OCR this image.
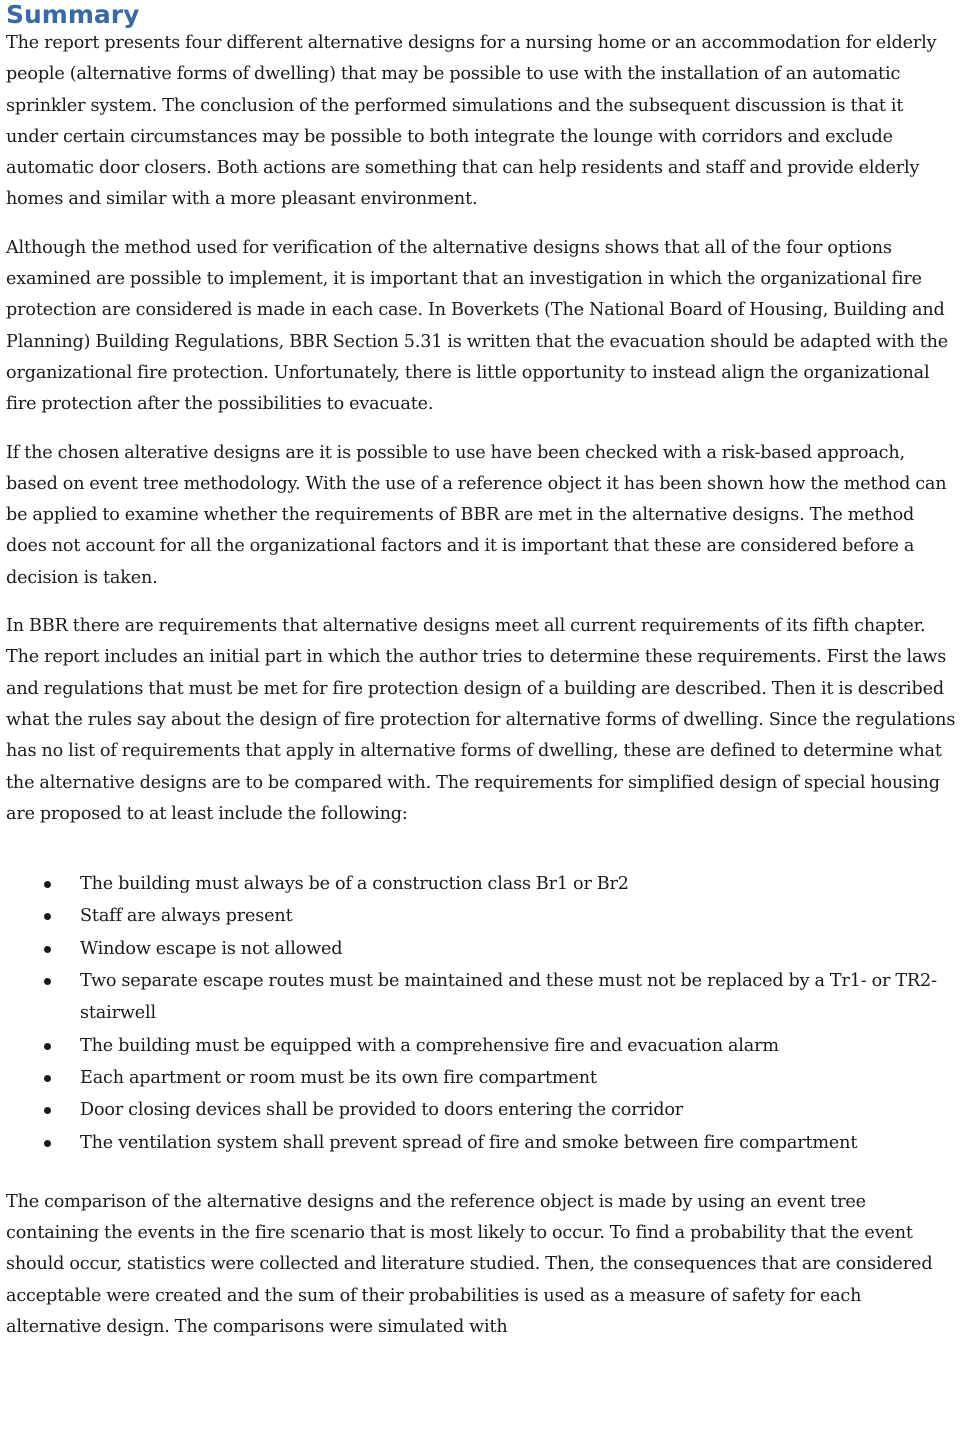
Summary

The report presents four different alternative designs for a nursing home or an accommodation for elderly people (alternative forms of dwelling) that may be possible to use with the installation of an automatic sprinkler system. The conclusion of the performed simulations and the subsequent discussion is that it under certain circumstances may be possible to both integrate the lounge with corridors and exclude automatic door closers. Both actions are something that can help residents and staff and provide elderly homes and similar with a more pleasant environment.

Although the method used for verification of the alternative designs shows that all of the four options examined are possible to implement, it is important that an investigation in which the organizational fire protection are considered is made in each case. In Boverkets (The National Board of Housing, Building and Planning) Building Regulations, BBR Section 5.31 is written that the evacuation should be adapted with the organizational fire protection. Unfortunately, there is little opportunity to instead align the organizational fire protection after the possibilities to evacuate.

If the chosen alterative designs are it is possible to use have been checked with a risk-based approach, based on event tree methodology. With the use of a reference object it has been shown how the method can be applied to examine whether the requirements of BBR are met in the alternative designs. The method does not account for all the organizational factors and it is important that these are considered before a decision is taken.

In BBR there are requirements that alternative designs meet all current requirements of its fifth chapter. The report includes an initial part in which the author tries to determine these requirements. First the laws and regulations that must be met for fire protection design of a building are described. Then it is described what the rules say about the design of fire protection for alternative forms of dwelling. Since the regulations has no list of requirements that apply in alternative forms of dwelling, these are defined to determine what the alternative designs are to be compared with. The requirements for simplified design of special housing are proposed to at least include the following:

The building must always be of a construction class Br1 or Br2
Staff are always present
Window escape is not allowed
Two separate escape routes must be maintained and these must not be replaced by a Tr1- or TR2- stairwell
The building must be equipped with a comprehensive fire and evacuation alarm
Each apartment or room must be its own fire compartment
Door closing devices shall be provided to doors entering the corridor
The ventilation system shall prevent spread of fire and smoke between fire compartment

The comparison of the alternative designs and the reference object is made by using an event tree containing the events in the fire scenario that is most likely to occur. To find a probability that the event should occur, statistics were collected and literature studied. Then, the consequences that are considered acceptable were created and the sum of their probabilities is used as a measure of safety for each alternative design. The comparisons were simulated with
